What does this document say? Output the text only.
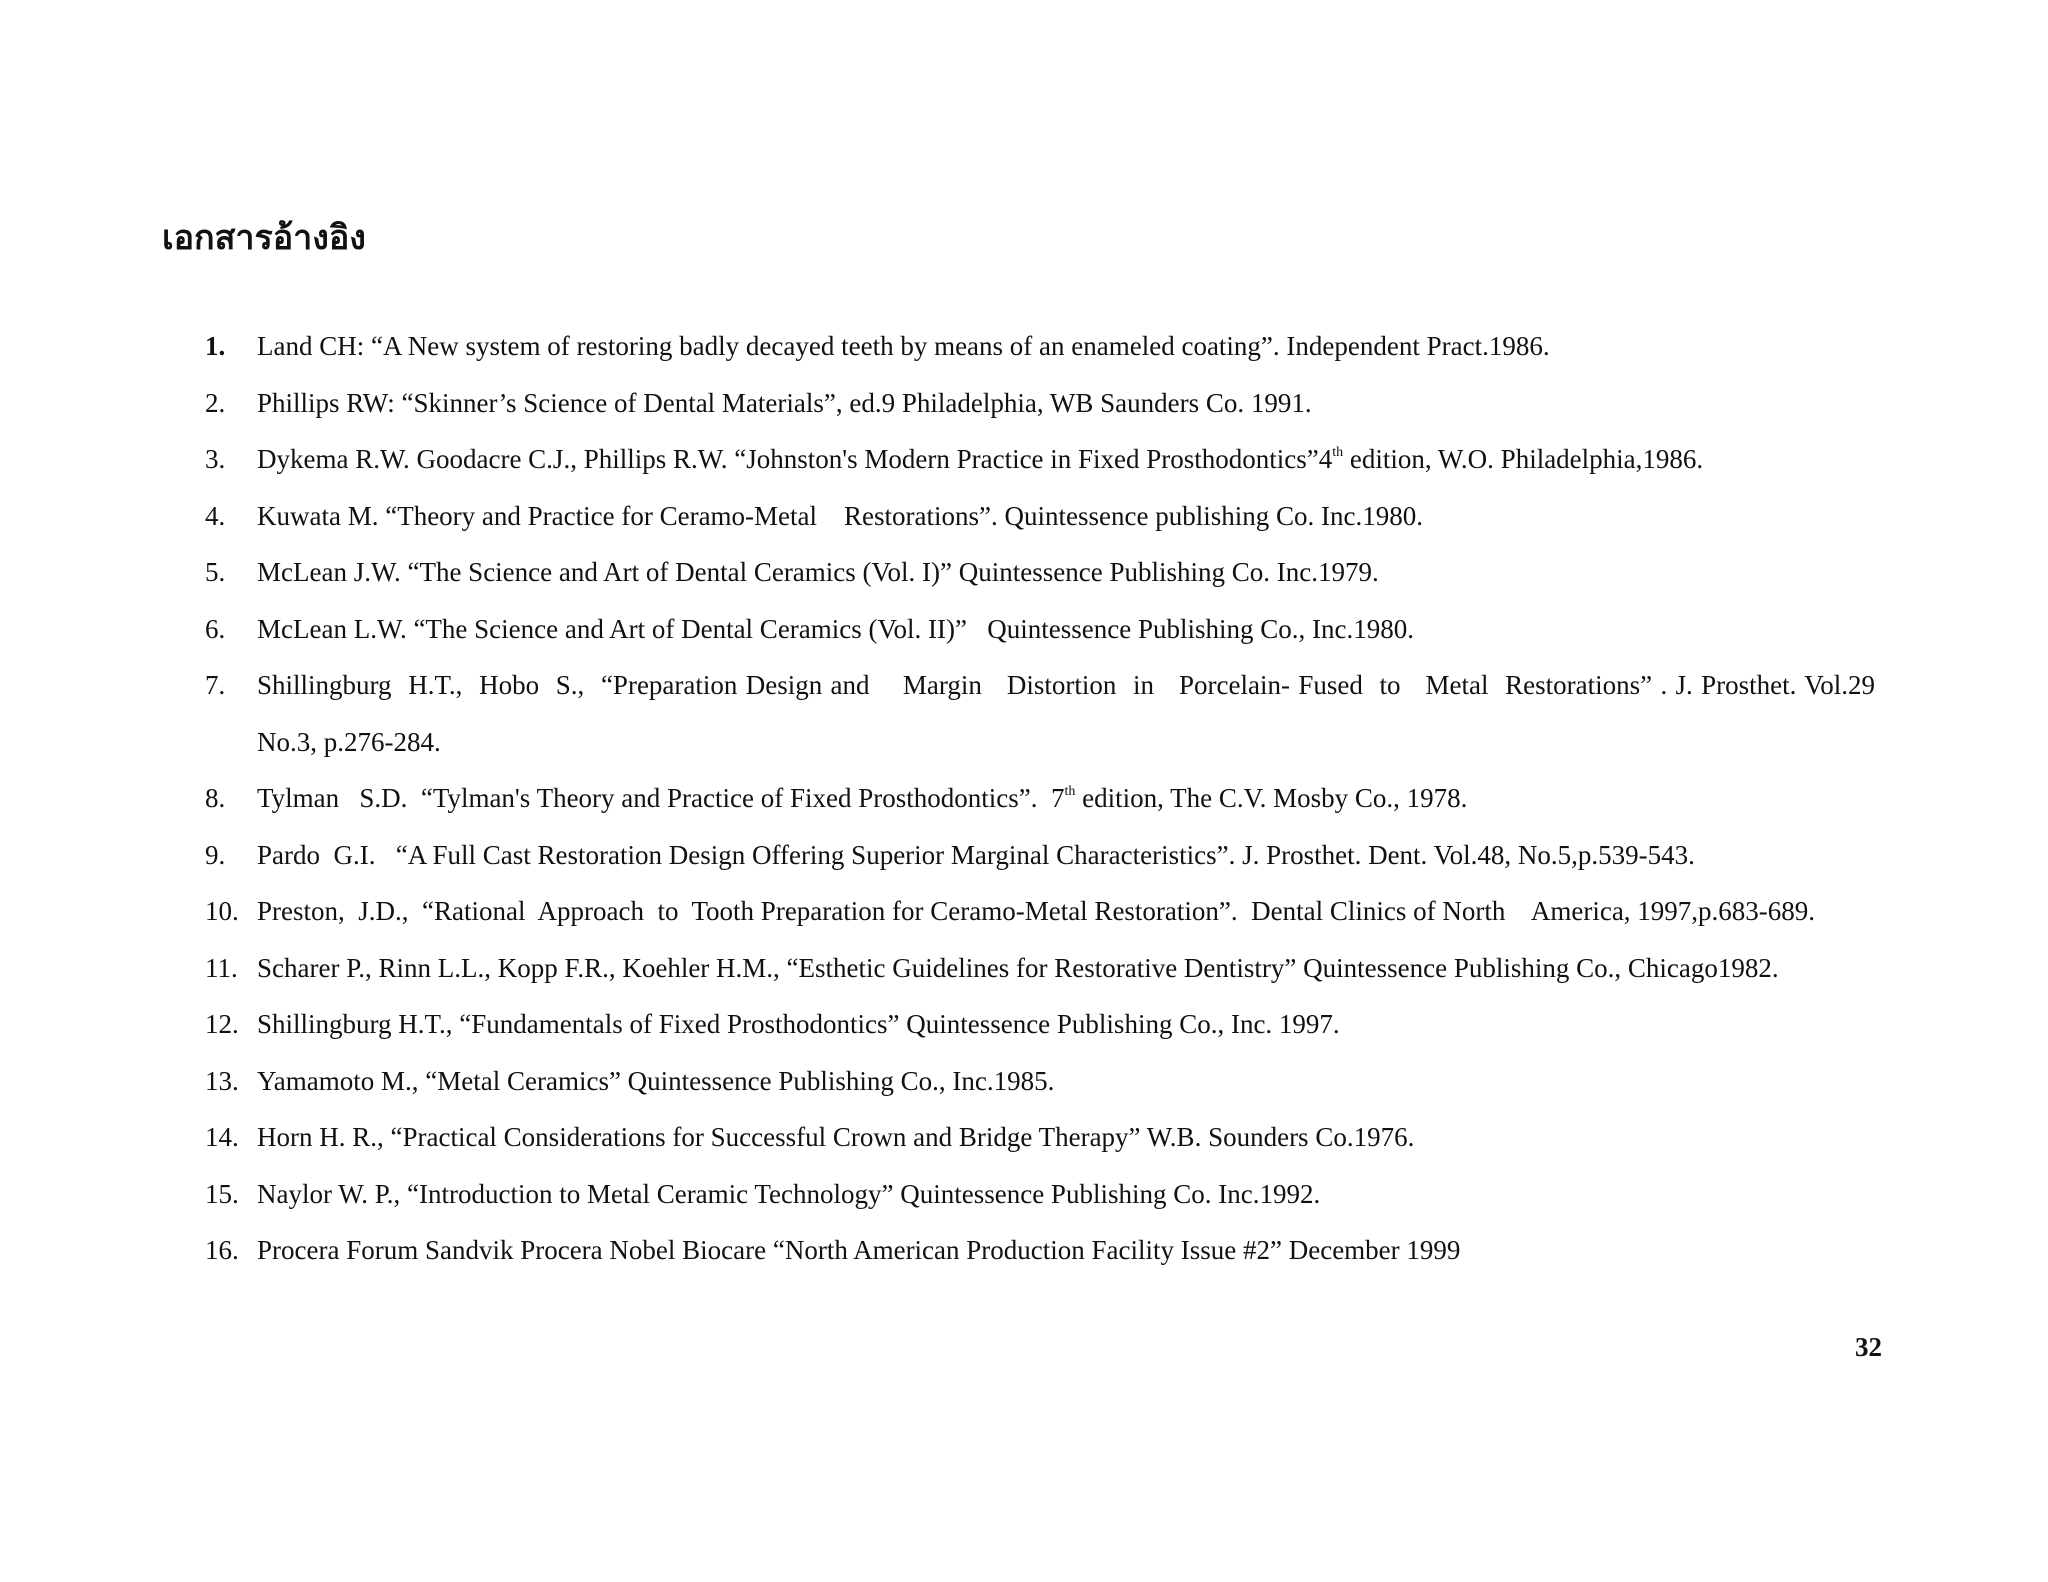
เอกสารอ้างอิง
1.	Land CH: “A New system of restoring badly decayed teeth by means of an enameled coating”. Independent Pract.1986.
2.	Phillips RW: “Skinner’s Science of Dental Materials”, ed.9 Philadelphia, WB Saunders Co. 1991.
3.	Dykema R.W. Goodacre C.J., Phillips R.W. “Johnston's Modern Practice in Fixed Prosthodontics”4th edition, W.O. Philadelphia,1986.
4.	Kuwata M. “Theory and Practice for Ceramo-Metal    Restorations”. Quintessence publishing Co. Inc.1980.
5.	McLean J.W. “The Science and Art of Dental Ceramics (Vol. I)” Quintessence Publishing Co. Inc.1979.
6.	McLean L.W. “The Science and Art of Dental Ceramics (Vol. II)”   Quintessence Publishing Co., Inc.1980.
7.	Shillingburg  H.T.,  Hobo  S.,  “Preparation Design and    Margin   Distortion  in   Porcelain- Fused  to   Metal  Restorations” . J. Prosthet. Vol.29 No.3, p.276-284.
8.	Tylman   S.D.  “Tylman's Theory and Practice of Fixed Prosthodontics”.  7th edition, The C.V. Mosby Co., 1978.
9.	Pardo  G.I.   “A Full Cast Restoration Design Offering Superior Marginal Characteristics”. J. Prosthet. Dent. Vol.48, No.5,p.539-543.
10. Preston,  J.D.,  “Rational  Approach  to  Tooth Preparation for Ceramo-Metal Restoration”.  Dental Clinics of North    America, 1997,p.683-689.
11. Scharer P., Rinn L.L., Kopp F.R., Koehler H.M., “Esthetic Guidelines for Restorative Dentistry” Quintessence Publishing Co., Chicago1982.
12. Shillingburg H.T., “Fundamentals of Fixed Prosthodontics” Quintessence Publishing Co., Inc. 1997.
13. Yamamoto M., “Metal Ceramics” Quintessence Publishing Co., Inc.1985.
14. Horn H. R., “Practical Considerations for Successful Crown and Bridge Therapy” W.B. Sounders Co.1976.
15. Naylor W. P., “Introduction to Metal Ceramic Technology” Quintessence Publishing Co. Inc.1992.
16. Procera Forum Sandvik Procera Nobel Biocare “North American Production Facility Issue #2” December 1999
32
